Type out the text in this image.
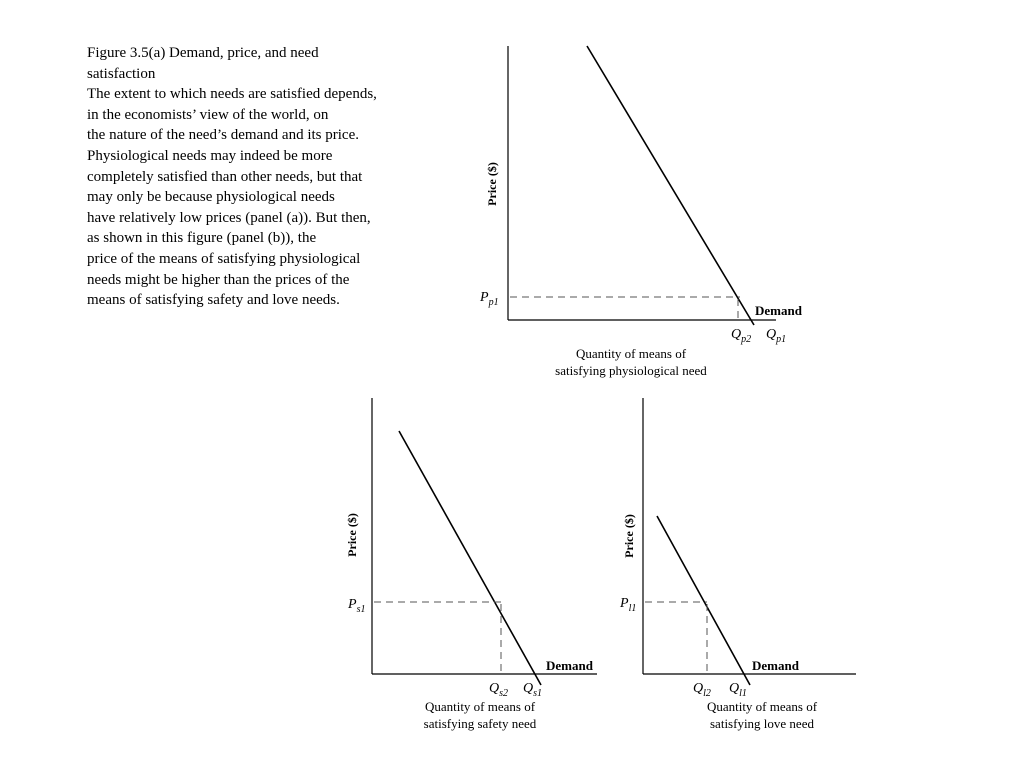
Figure 3.5(a) Demand, price, and need
satisfaction
The extent to which needs are satisfied depends,
in the economists’ view of the world, on
the nature of the need’s demand and its price.
Physiological needs may indeed be more
completely satisfied than other needs, but that
may only be because physiological needs
have relatively low prices (panel (a)). But then,
as shown in this figure (panel (b)), the
price of the means of satisfying physiological
needs might be higher than the prices of the
means of satisfying safety and love needs.
Price ($)
$P_{p1}$
Demand
$Q_{p2}$ $Q_{p1}$
Quantity of means of
satisfying physiological need
Price ($)
$P_{s1}$
Demand
$Q_{s2}$ $Q_{s1}$
Quantity of means of
satisfying safety need
Price ($)
$P_{l1}$
Demand
$Q_{l2}$ $Q_{l1}$
Quantity of means of
satisfying love need
